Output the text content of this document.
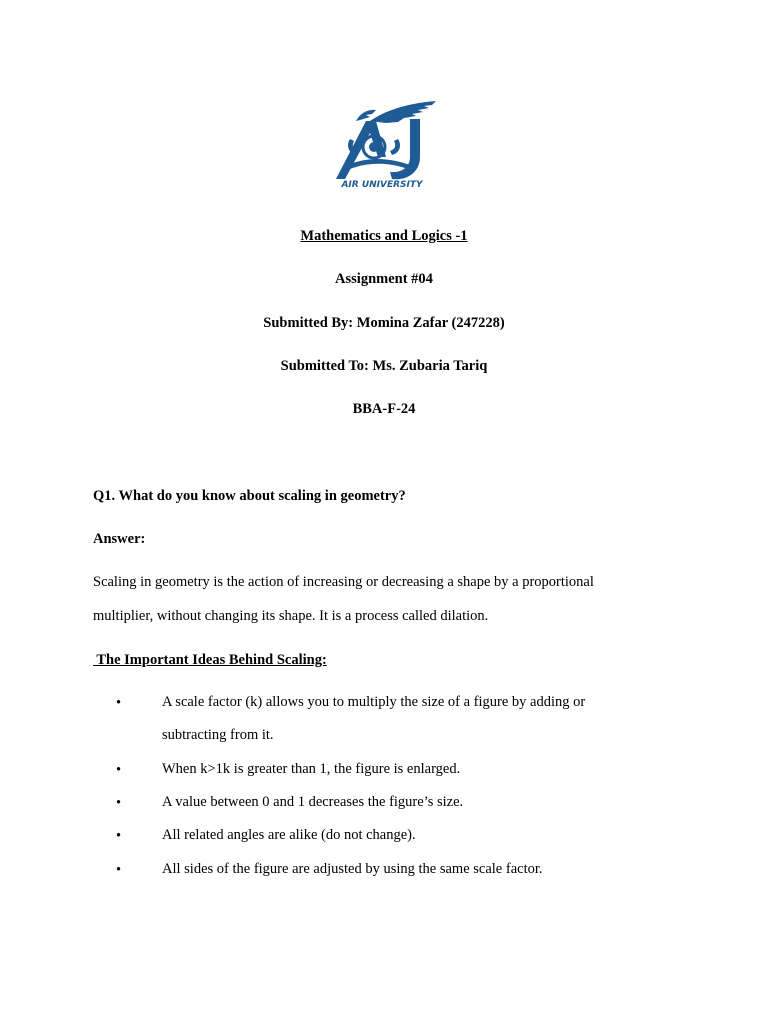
AIR UNIVERSITY
Mathematics and Logics -1
Assignment #04
Submitted By: Momina Zafar (247228)
Submitted To: Ms. Zubaria Tariq
BBA-F-24
Q1. What do you know about scaling in geometry?
Answer:
Scaling in geometry is the action of increasing or decreasing a shape by a proportional multiplier, without changing its shape. It is a process called dilation.
The Important Ideas Behind Scaling:
•	A scale factor (k) allows you to multiply the size of a figure by adding or subtracting from it.
•	When k>1k is greater than 1, the figure is enlarged.
•	A value between 0 and 1 decreases the figure’s size.
•	All related angles are alike (do not change).
•	All sides of the figure are adjusted by using the same scale factor.
